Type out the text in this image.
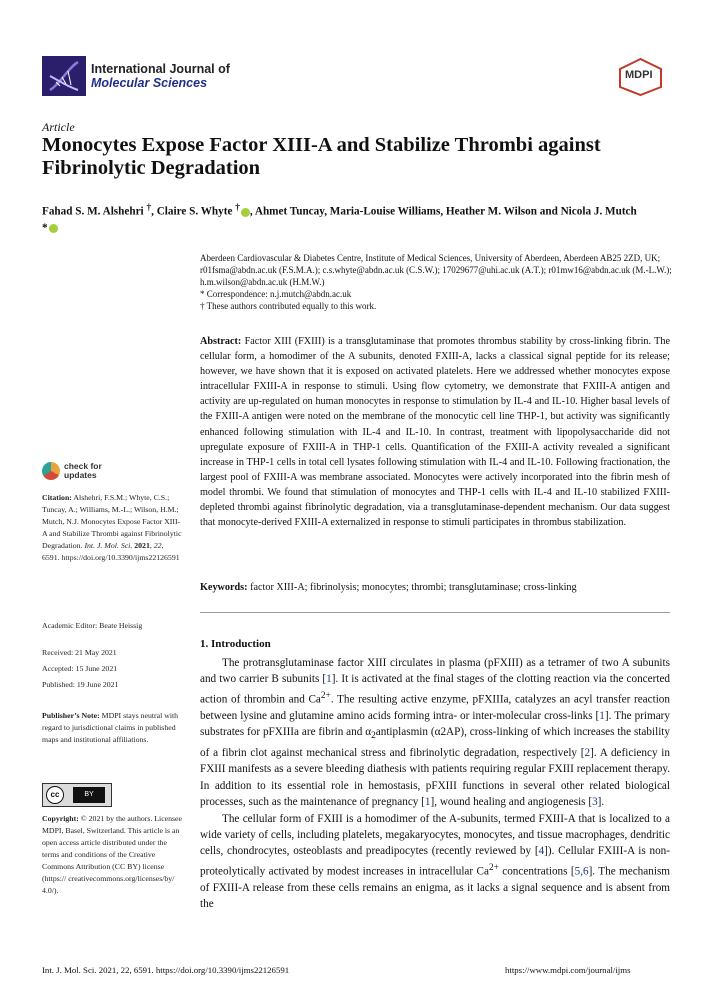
International Journal of
Molecular Sciences
MDPI
Article
Monocytes Expose Factor XIII-A and Stabilize Thrombi against Fibrinolytic Degradation
Fahad S. M. Alshehri †, Claire S. Whyte † , Ahmet Tuncay, Maria-Louise Williams, Heather M. Wilson and Nicola J. Mutch *
Aberdeen Cardiovascular & Diabetes Centre, Institute of Medical Sciences, University of Aberdeen, Aberdeen AB25 2ZD, UK; r01fsma@abdn.ac.uk (F.S.M.A.); c.s.whyte@abdn.ac.uk (C.S.W.); 17029677@uhi.ac.uk (A.T.); r01mw16@abdn.ac.uk (M.-L.W.); h.m.wilson@abdn.ac.uk (H.M.W.)
* Correspondence: n.j.mutch@abdn.ac.uk
† These authors contributed equally to this work.
Abstract: Factor XIII (FXIII) is a transglutaminase that promotes thrombus stability by cross-linking fibrin. The cellular form, a homodimer of the A subunits, denoted FXIII-A, lacks a classical signal peptide for its release; however, we have shown that it is exposed on activated platelets. Here we addressed whether monocytes expose intracellular FXIII-A in response to stimuli. Using flow cytometry, we demonstrate that FXIII-A antigen and activity are up-regulated on human monocytes in response to stimulation by IL-4 and IL-10. Higher basal levels of the FXIII-A antigen were noted on the membrane of the monocytic cell line THP-1, but activity was significantly enhanced following stimulation with IL-4 and IL-10. In contrast, treatment with lipopolysaccharide did not upregulate exposure of FXIII-A in THP-1 cells. Quantification of the FXIII-A activity revealed a significant increase in THP-1 cells in total cell lysates following stimulation with IL-4 and IL-10. Following fractionation, the largest pool of FXIII-A was membrane associated. Monocytes were actively incorporated into the fibrin mesh of model thrombi. We found that stimulation of monocytes and THP-1 cells with IL-4 and IL-10 stabilized FXIII-depleted thrombi against fibrinolytic degradation, via a transglutaminase-dependent mechanism. Our data suggest that monocyte-derived FXIII-A externalized in response to stimuli participates in thrombus stabilization.
Keywords: factor XIII-A; fibrinolysis; monocytes; thrombi; transglutaminase; cross-linking
check for
updates
Citation: Alshehri, F.S.M.; Whyte, C.S.; Tuncay, A.; Williams, M.-L.; Wilson, H.M.; Mutch, N.J. Monocytes Expose Factor XIII-A and Stabilize Thrombi against Fibrinolytic Degradation. Int. J. Mol. Sci. 2021, 22, 6591. https://doi.org/10.3390/ijms22126591
Academic Editor: Beate Heissig
Received: 21 May 2021
Accepted: 15 June 2021
Published: 19 June 2021
Publisher’s Note: MDPI stays neutral with regard to jurisdictional claims in published maps and institutional affiliations.
cc	BY
Copyright: © 2021 by the authors. Licensee MDPI, Basel, Switzerland. This article is an open access article distributed under the terms and conditions of the Creative Commons Attribution (CC BY) license (https:// creativecommons.org/licenses/by/ 4.0/).
1. Introduction

The protransglutaminase factor XIII circulates in plasma (pFXIII) as a tetramer of two A subunits and two carrier B subunits [1]. It is activated at the final stages of the clotting reaction via the concerted action of thrombin and $Ca^{2+}$. The resulting active enzyme, pFXIIIa, catalyzes an acyl transfer reaction between lysine and glutamine amino acids forming intra- or inter-molecular cross-links [1]. The primary substrates for pFXIIIa are fibrin and $\alpha_2antiplasmin$ (α2AP), cross-linking of which increases the stability of a fibrin clot against mechanical stress and fibrinolytic degradation, respectively [2]. A deficiency in FXIII manifests as a severe bleeding diathesis with patients requiring regular FXIII replacement therapy. In addition to its essential role in hemostasis, pFXIII functions in several other related biological processes, such as the maintenance of pregnancy [1], wound healing and angiogenesis [3].

The cellular form of FXIII is a homodimer of the A-subunits, termed FXIII-A that is localized to a wide variety of cells, including platelets, megakaryocytes, monocytes, and tissue macrophages, dendritic cells, chondrocytes, osteoblasts and preadipocytes (recently reviewed by [4]). Cellular FXIII-A is non-proteolytically activated by modest increases in intracellular $Ca^{2+}$ concentrations [5,6]. The mechanism of FXIII-A release from these cells remains an enigma, as it lacks a signal sequence and is absent from the

Int. J. Mol. Sci. 2021, 22, 6591. https://doi.org/10.3390/ijms22126591	https://www.mdpi.com/journal/ijms
